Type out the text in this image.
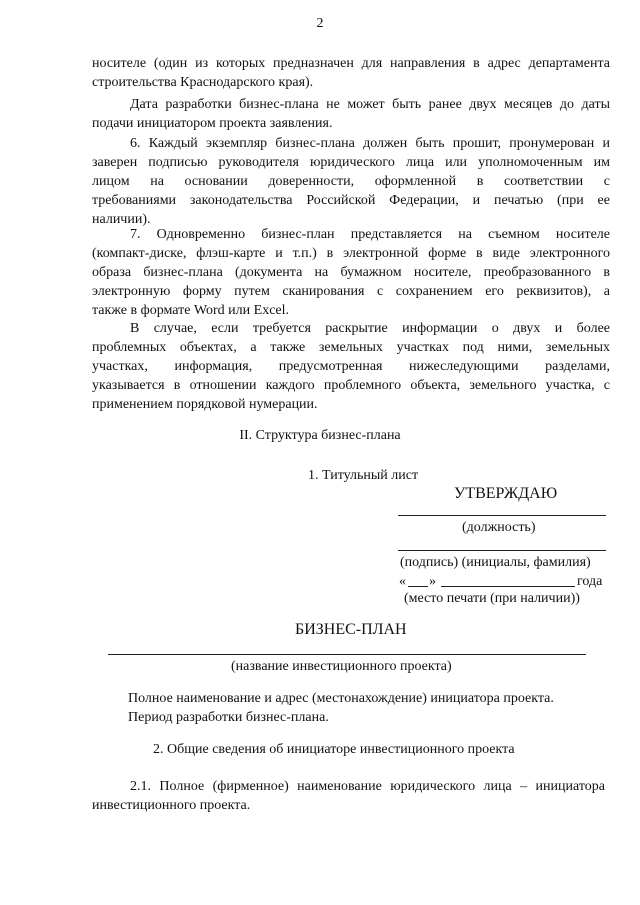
2

носителе (один из которых предназначен для направления в адрес департамента

строительства Краснодарского края).

Дата разработки бизнес-плана не может быть ранее двух месяцев до даты

подачи инициатором проекта заявления.

6. Каждый экземпляр бизнес-плана должен быть прошит, пронумерован и

заверен подписью руководителя юридического лица или уполномоченным им

лицом на основании доверенности, оформленной в соответствии с

требованиями законодательства Российской Федерации, и печатью (при ее

наличии).

7. Одновременно бизнес-план представляется на съемном носителе

(компакт-диске, флэш-карте и т.п.) в электронной форме в виде электронного

образа бизнес-плана (документа на бумажном носителе, преобразованного в

электронную форму путем сканирования с сохранением его реквизитов), а

также в формате Word или Excel.

В случае, если требуется раскрытие информации о двух и более

проблемных объектах, а также земельных участках под ними, земельных

участках, информация, предусмотренная нижеследующими разделами,

указывается в отношении каждого проблемного объекта, земельного участка, с

применением порядковой нумерации.

II. Структура бизнес-плана
1. Титульный лист
УТВЕРЖДАЮ
(должность)
(подпись) (инициалы, фамилия)
« »	года
(место печати (при наличии))
БИЗНЕС-ПЛАН
(название инвестиционного проекта)
Полное наименование и адрес (местонахождение) инициатора проекта.
Период разработки бизнес-плана.
2. Общие сведения об инициаторе инвестиционного проекта

2.1. Полное (фирменное) наименование юридического лица – инициатора

инвестиционного проекта.
